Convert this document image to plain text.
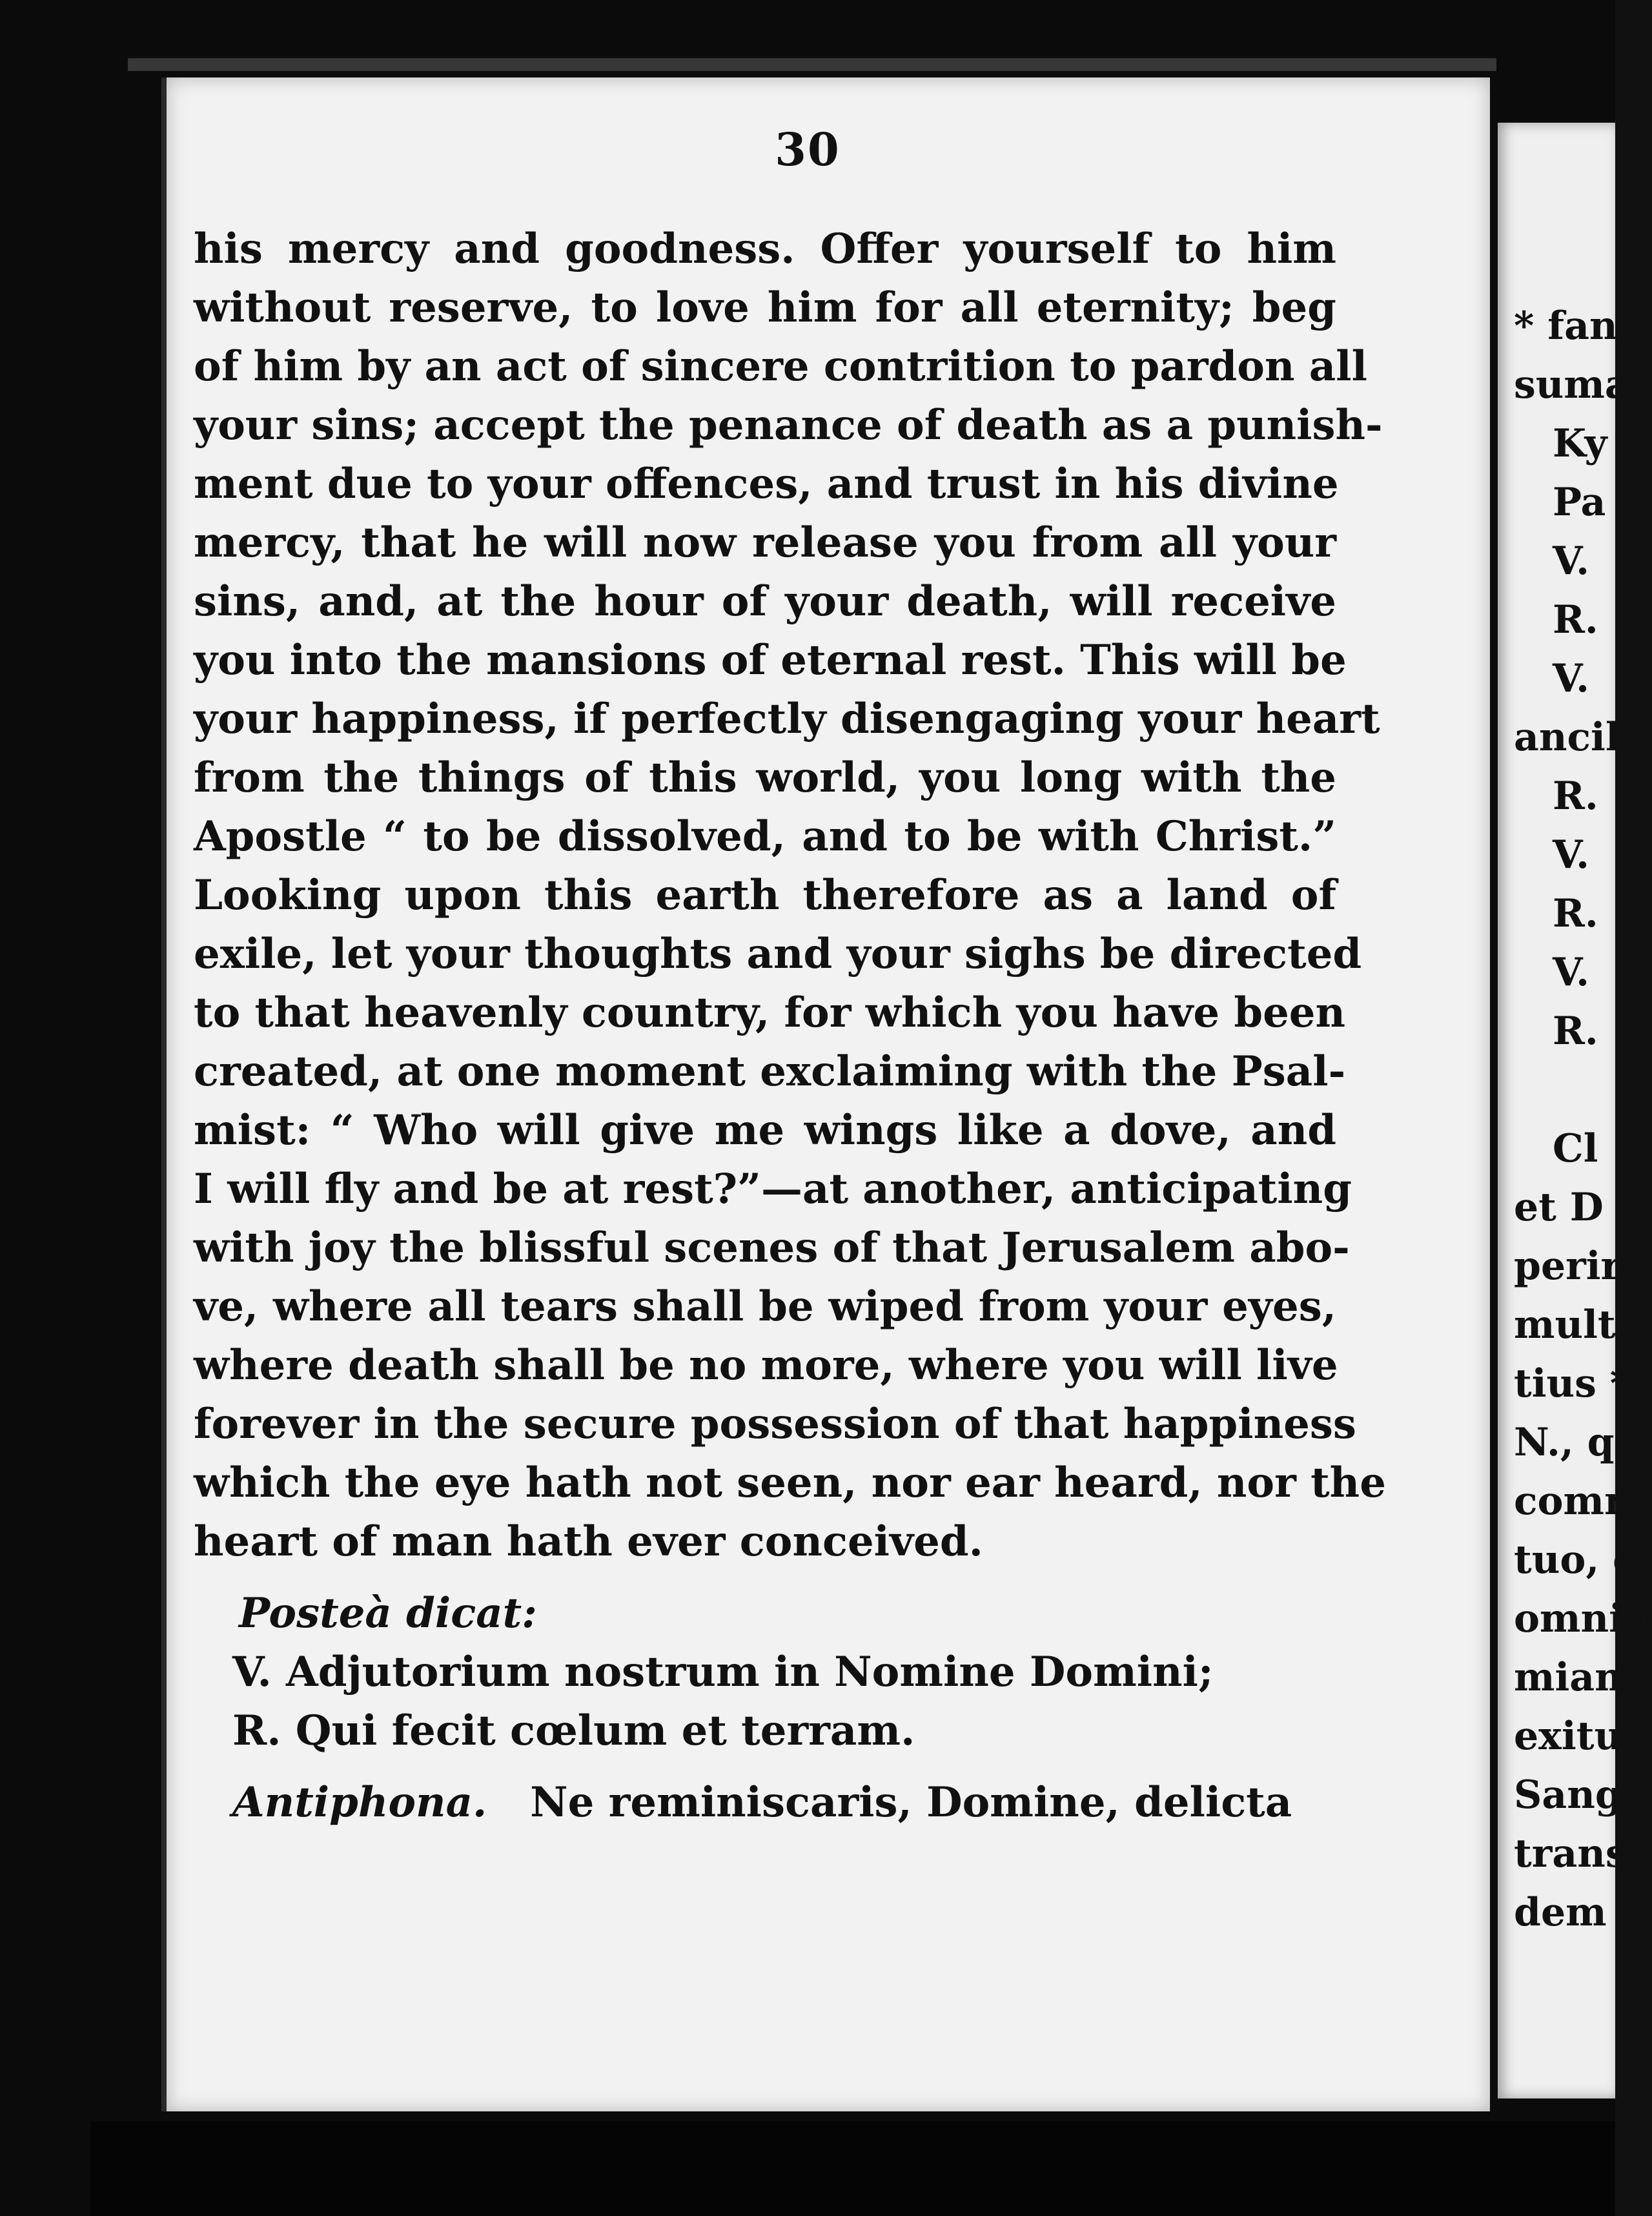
30
his mercy and goodness. Offer yourself to him
without reserve, to love him for all eternity; beg
of him by an act of sincere contrition to pardon all
your sins; accept the penance of death as a punish-
ment due to your offences, and trust in his divine
mercy, that he will now release you from all your
sins, and, at the hour of your death, will receive
you into the mansions of eternal rest. This will be
your happiness, if perfectly disengaging your heart
from the things of this world, you long with the
Apostle “ to be dissolved, and to be with Christ.”
Looking upon this earth therefore as a land of
exile, let your thoughts and your sighs be directed
to that heavenly country, for which you have been
created, at one moment exclaiming with the Psal-
mist: “ Who will give me wings like a dove, and
I will fly and be at rest?”—at another, anticipating
with joy the blissful scenes of that Jerusalem abo-
ve, where all tears shall be wiped from your eyes,
where death shall be no more, where you will live
forever in the secure possession of that happiness
which the eye hath not seen, nor ear heard, nor the
heart of man hath ever conceived.
Posteà dicat:
V. Adjutorium nostrum in Nomine Domini;
R. Qui fecit cœlum et terram.
Antiphona. Ne reminiscaris, Domine, delicta
* fan
suma
Ky
Pa
V.
R.
V.
ancill
R.
V.
R.
V.
R.
Cl
et D
perire
multi
tius *
N., q
comm
tuo, e
omniu
miam
exitus
Sangu
transi
dem C
